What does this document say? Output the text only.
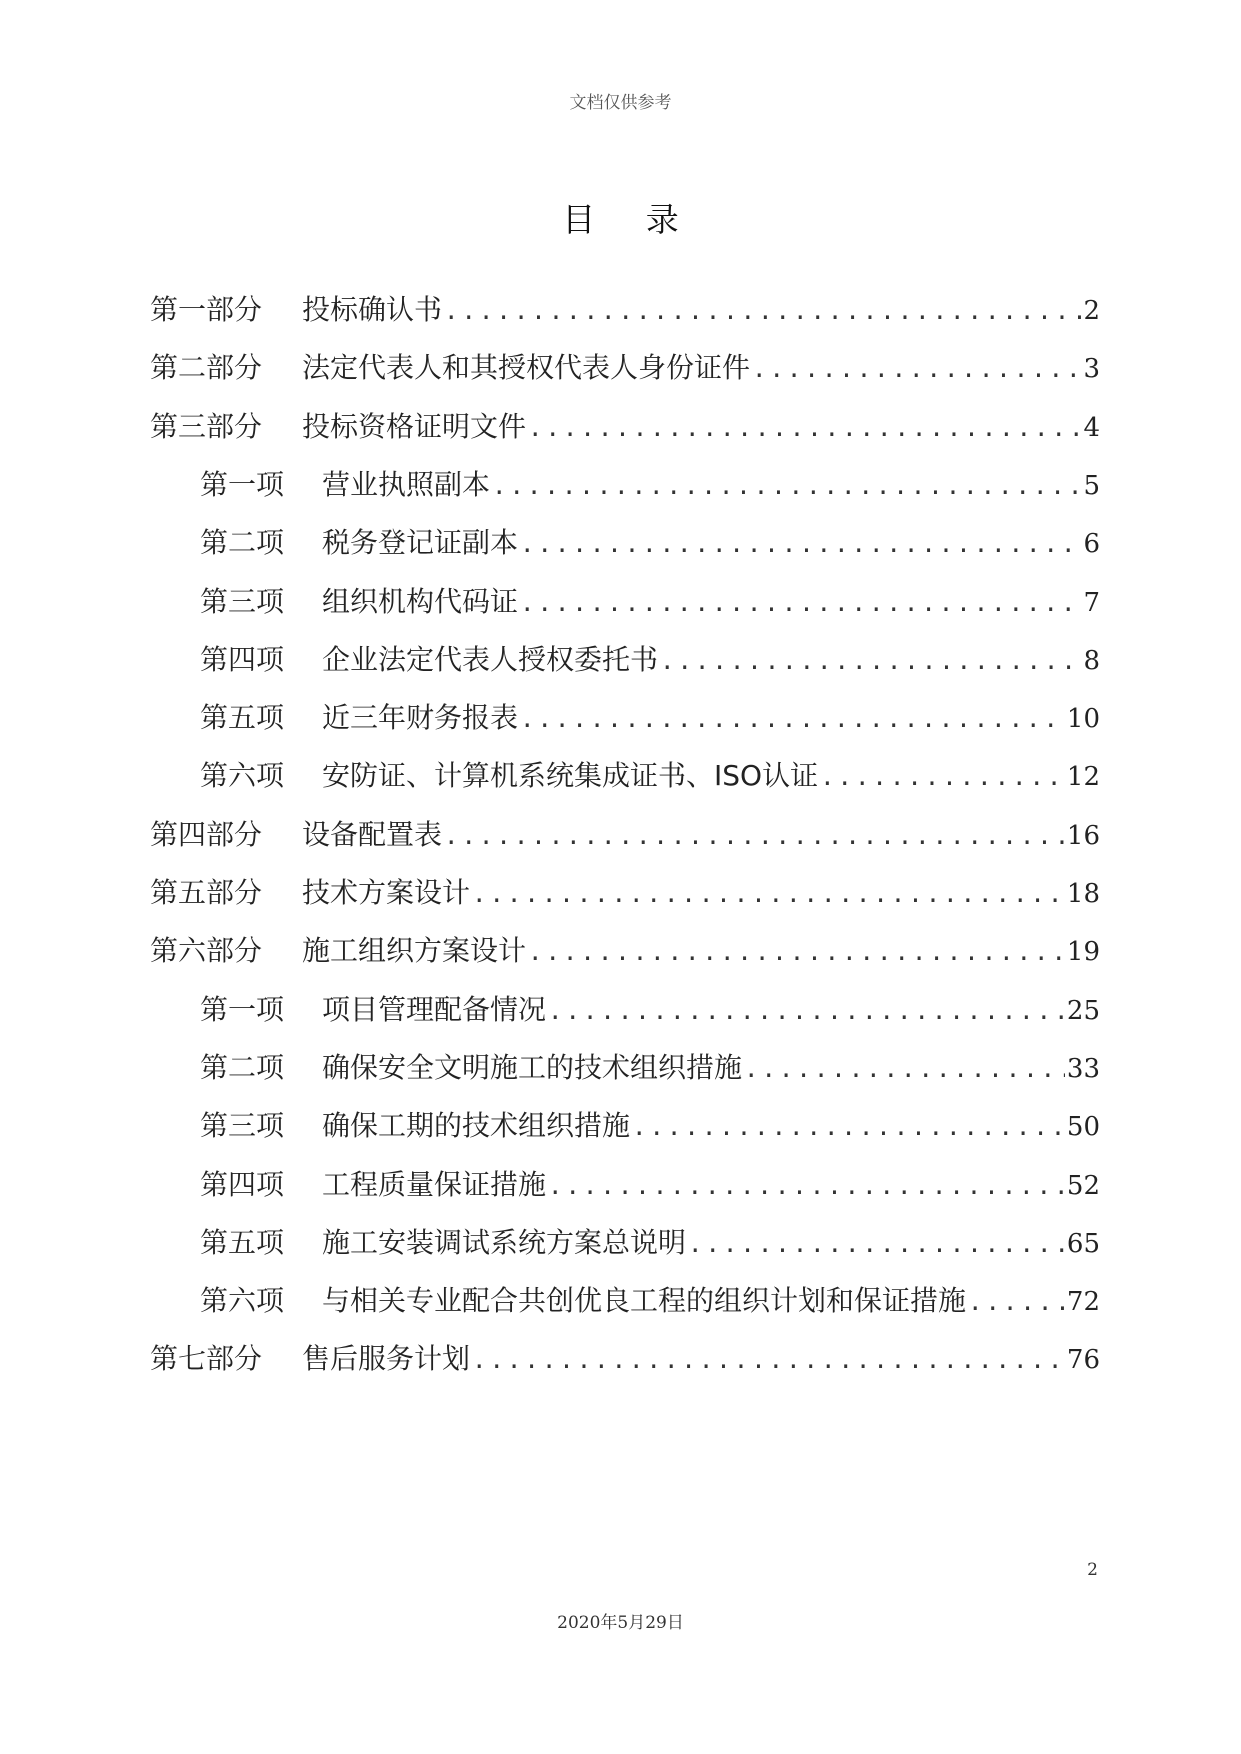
文档仅供参考
目 录
第一部分	投标确认书 .....	2
第二部分	法定代表人和其授权代表人身份证件 .....	3
第三部分	投标资格证明文件 .....	4
第一项	营业执照副本 .....	5
第二项	税务登记证副本 .....	6
第三项	组织机构代码证 .....	7
第四项	企业法定代表人授权委托书 .....	8
第五项	近三年财务报表 .....	10
第六项	安防证、计算机系统集成证书、ISO认证 .....	12
第四部分	设备配置表 .....	16
第五部分	技术方案设计 .....	18
第六部分	施工组织方案设计 .....	19
第一项	项目管理配备情况 .....	25
第二项	确保安全文明施工的技术组织措施 .....	33
第三项	确保工期的技术组织措施 .....	50
第四项	工程质量保证措施 .....	52
第五项	施工安装调试系统方案总说明 .....	65
第六项	与相关专业配合共创优良工程的组织计划和保证措施 .....	72
第七部分	售后服务计划 .....	76
2
2020年5月29日
